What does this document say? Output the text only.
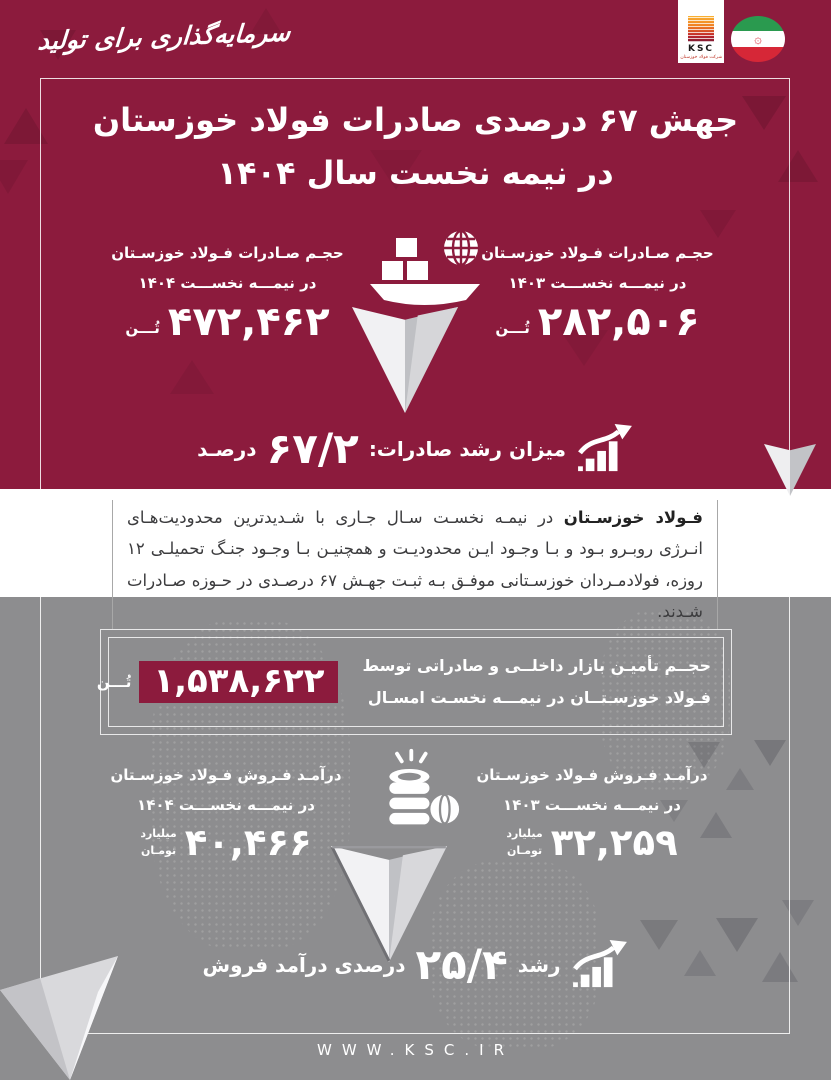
سرمایه‌گذاری برای تولید	KSC
شرکت فولاد خوزستان
۞
جهش ۶۷ درصدی صادرات فولاد خوزستان
در نیمه نخست سال ۱۴۰۴
حجـم صـادرات فـولاد خوزسـتان
در نیمـــه نخســـت ۱۴۰۴
۴۷۲,۴۶۲
تُـــن
حجـم صـادرات فـولاد خوزسـتان
در نیمـــه نخســـت ۱۴۰۳
۲۸۲,۵۰۶
تُـــن
میزان رشد صادرات:
۶۷/۲
درصـد
فـولاد خوزسـتان در نیمـه نخسـت سـال جـاری با شـدیدترین محدودیت‌هـای انـرژی روبـرو بـود و بـا وجـود ایـن محدودیـت و همچنیـن بـا وجـود جنـگ تحمیلـی ۱۲ روزه، فولادمـردان خوزسـتانی موفـق بـه ثبـت جهـش ۶۷ درصـدی در حـوزه صـادرات شـدند.
حجــم تأمیـن بازار داخلــی و صادراتی توسط
فـولاد خوزسـتــان در نیمـــه نخسـت امسـال
۱,۵۳۸,۶۲۲
تُـــن
درآمـد فـروش فـولاد خوزسـتان
در نیمـــه نخســـت ۱۴۰۴
۴۰,۴۶۶
میلیارد
تومـان
درآمـد فـروش فـولاد خوزسـتان
در نیمـــه نخســـت ۱۴۰۳
۳۲,۲۵۹
میلیارد
تومـان
رشد
۲۵/۴
درصدی درآمد فروش
WWW.KSC.IR
